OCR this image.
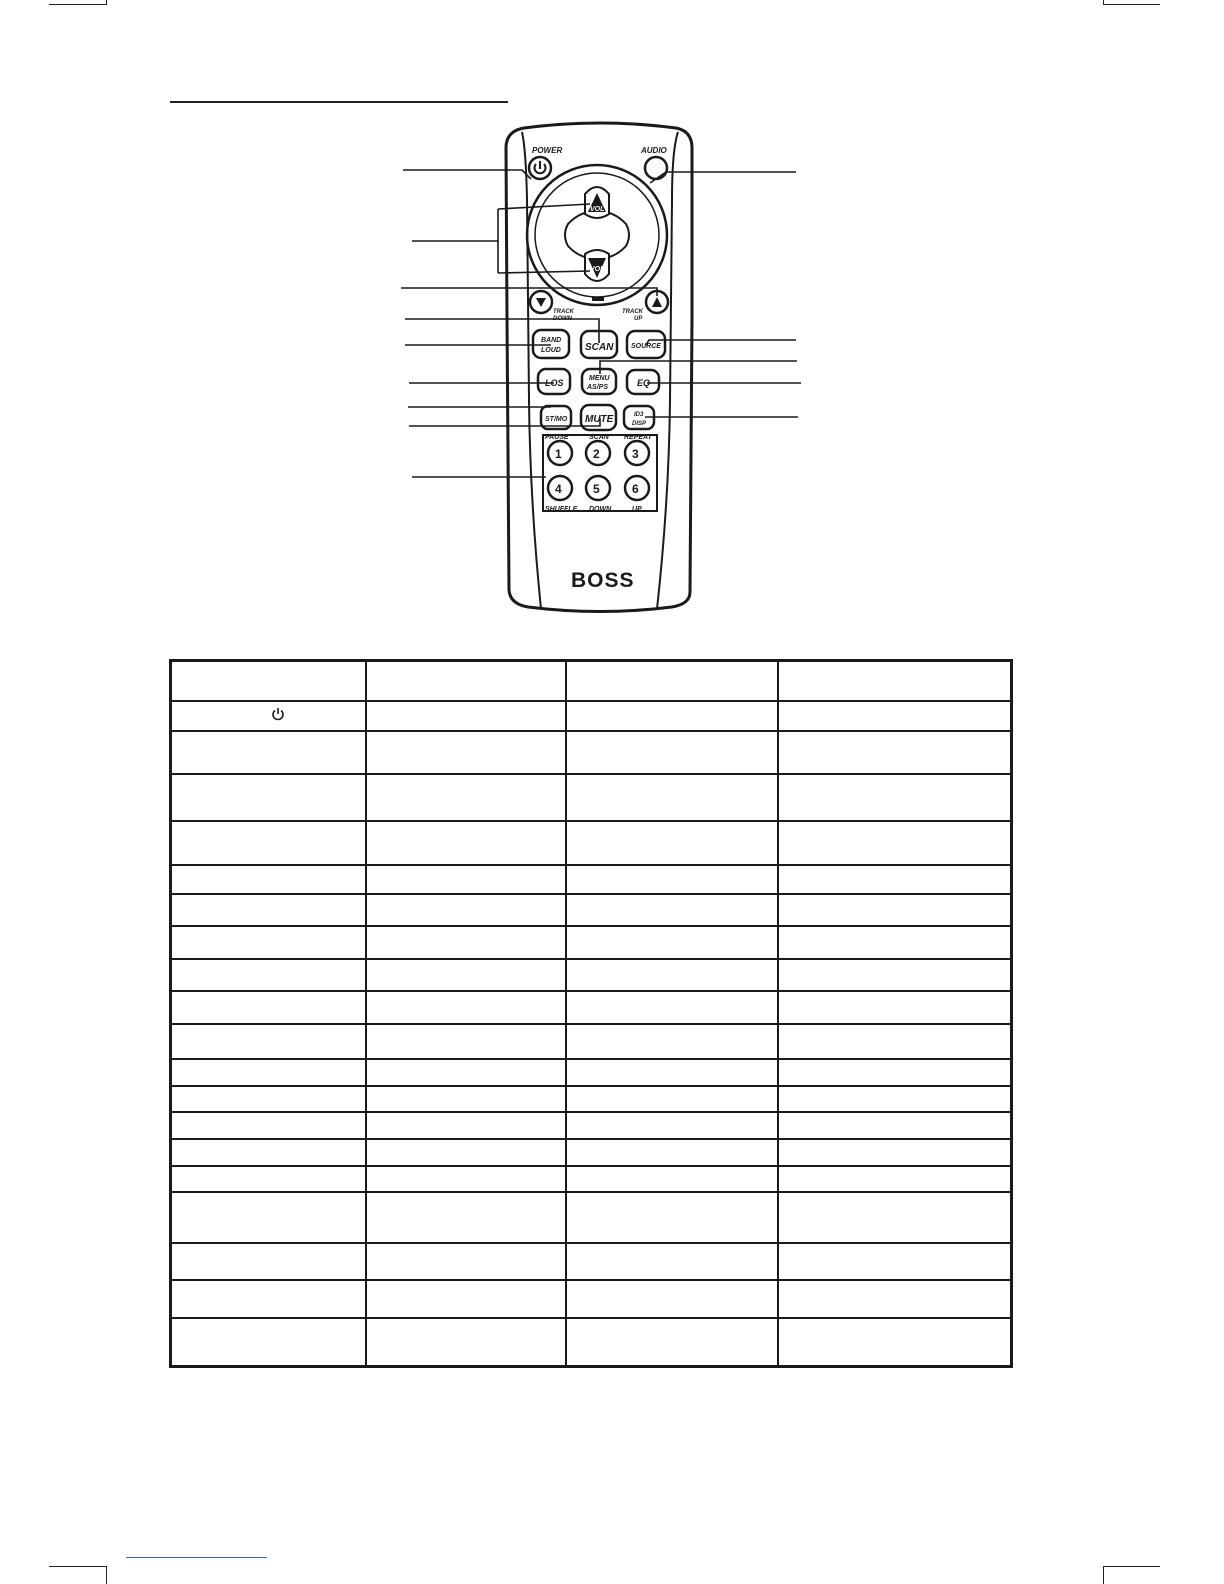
POWER	AUDIO
VOL
VOL
TRACK
DOWN
TRACK
UP
BAND
LOUD SCAN	SOURCE
LOS	MENU
AS/PS	EQ
ST/MO MUTE	ID3
DISP
PAUSE	SCAN REPEAT
1	2	3
4	5	6
SHUFFLE DOWN	UP
BOSS
